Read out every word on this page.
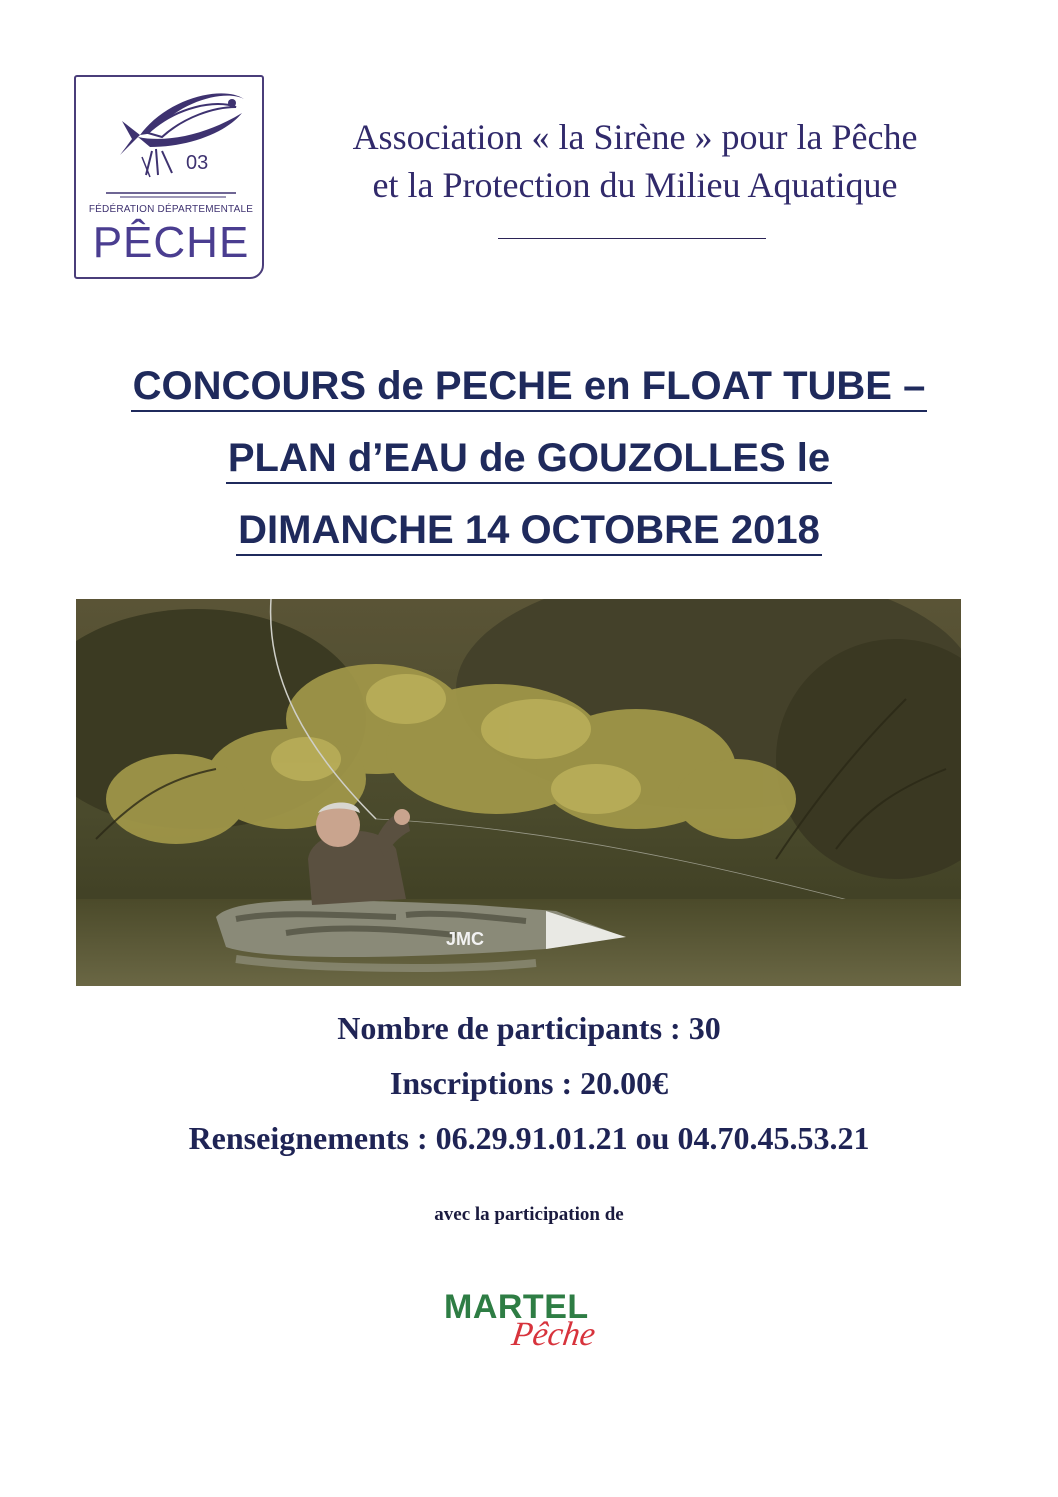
03
FÉDÉRATION DÉPARTEMENTALE
PÊCHE
Association « la Sirène » pour la Pêche
et la Protection du Milieu Aquatique
CONCOURS de PECHE en FLOAT TUBE –
PLAN d’EAU de GOUZOLLES le
DIMANCHE 14 OCTOBRE 2018
JMC
Nombre de participants : 30
Inscriptions : 20.00€
Renseignements : 06.29.91.01.21 ou 04.70.45.53.21
avec la participation de
MARTEL
Pêche
